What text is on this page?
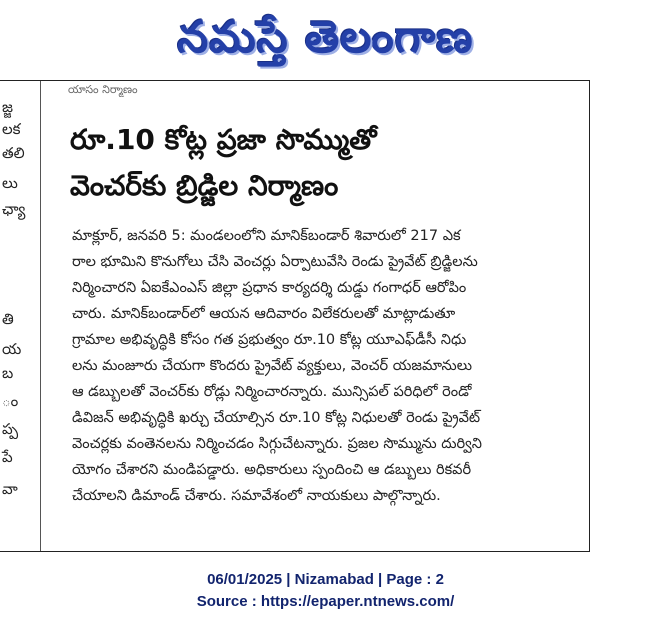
నమస్తే తెలంగాణ
జ్జ
లక
తలి
లు
ఛ్యా
తి
య
బ
ం
ప్ప
పే
వా
యాసం నిర్మాణం
రూ.10 కోట్ల ప్రజా సొమ్ముతో
వెంచర్‌కు బ్రిడ్జిల నిర్మాణం
మాక్లూర్, జనవరి 5: మండలంలోని మానిక్‌బండార్ శివారులో 217 ఎక
రాల భూమిని కొనుగోలు చేసి వెంచర్లు ఏర్పాటువేసి రెండు ప్రైవేట్ బ్రిడ్జిలను
నిర్మించారని ఏఐకేఎంఎస్ జిల్లా ప్రధాన కార్యదర్శి దుడ్డు గంగాధర్ ఆరోపిం
చారు. మానిక్‌బండార్‌లో ఆయన ఆదివారం విలేకరులతో మాట్లాడుతూ
గ్రామాల అభివృద్ధికి కోసం గత ప్రభుత్వం రూ.10 కోట్ల యూఎఫ్‌డీసీ నిధు
లను మంజూరు చేయగా కొందరు ప్రైవేట్ వ్యక్తులు, వెంచర్ యజమానులు
ఆ డబ్బులతో వెంచర్‌కు రోడ్లు నిర్మించారన్నారు. మున్సిపల్ పరిధిలో రెండో
డివిజన్ అభివృద్ధికి ఖర్చు చేయాల్సిన రూ.10 కోట్ల నిధులతో రెండు ప్రైవేట్
వెంచర్లకు వంతెనలను నిర్మించడం సిగ్గుచేటన్నారు. ప్రజల సొమ్మును దుర్విని
యోగం చేశారని మండిపడ్డారు. అధికారులు స్పందించి ఆ డబ్బులు రికవరీ
చేయాలని డిమాండ్ చేశారు. సమావేశంలో నాయకులు పాల్గొన్నారు.
06/01/2025 | Nizamabad | Page : 2
Source : https://epaper.ntnews.com/
